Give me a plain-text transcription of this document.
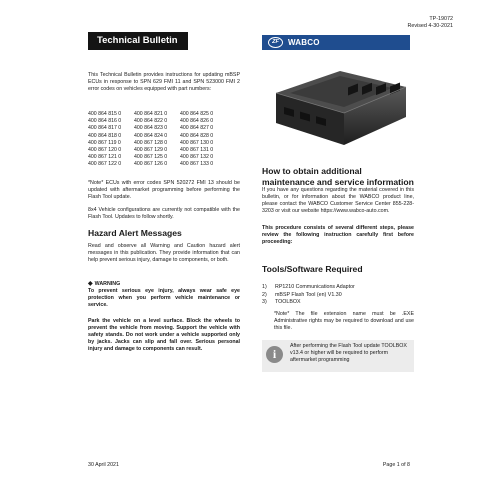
TP-19072
Revised 4-30-2021
Technical Bulletin	ZF	WABCO
This Technical Bulletin provides instructions for updating mBSP ECUs in response to SPN 629 FMI 11 and SPN 523000 FMI 2 error codes on vehicles equipped with part numbers:
400 864 815 0	400 864 821 0	400 864 825 0
400 864 816 0	400 864 822 0	400 864 826 0
400 864 817 0	400 864 823 0	400 864 827 0
400 864 818 0	400 864 824 0	400 864 828 0
400 867 119 0	400 867 128 0	400 867 130 0
400 867 120 0	400 867 129 0	400 867 131 0
400 867 121 0	400 867 125 0	400 867 132 0
400 867 122 0	400 867 126 0	400 867 133 0
*Note* ECUs with error codes SPN 520272 FMI 13 should be updated with aftermarket programming before performing the Flash Tool update.
8x4 Vehicle configurations are currently not compatible with the Flash Tool. Updates to follow shortly.
Hazard Alert Messages
Read and observe all Warning and Caution hazard alert messages in this publication. They provide information that can help prevent serious injury, damage to components, or both.
◆ WARNING
To prevent serious eye injury, always wear safe eye protection when you perform vehicle maintenance or service.
Park the vehicle on a level surface. Block the wheels to prevent the vehicle from moving. Support the vehicle with safety stands. Do not work under a vehicle supported only by jacks. Jacks can slip and fall over. Serious personal injury and damage to components can result.
How to obtain additional maintenance and service information
If you have any questions regarding the material covered in this bulletin, or for information about the WABCO product line, please contact the WABCO Customer Service Center 855-228-3203 or visit our website https://www.wabco-auto.com.
This procedure consists of several different steps, please review the following instruction carefully first before proceeding:
Tools/Software Required
1)	RP1210 Communications Adaptor
2)	mBSP Flash Tool (en) V1.30
3)	TOOLBOX
*Note* The file extension name must be .EXE Administrative rights may be required to download and use this file.
i
After performing the Flash Tool update TOOLBOX v13.4 or higher will be required to perform aftermarket programming
30 April 2021	Page 1 of 8
